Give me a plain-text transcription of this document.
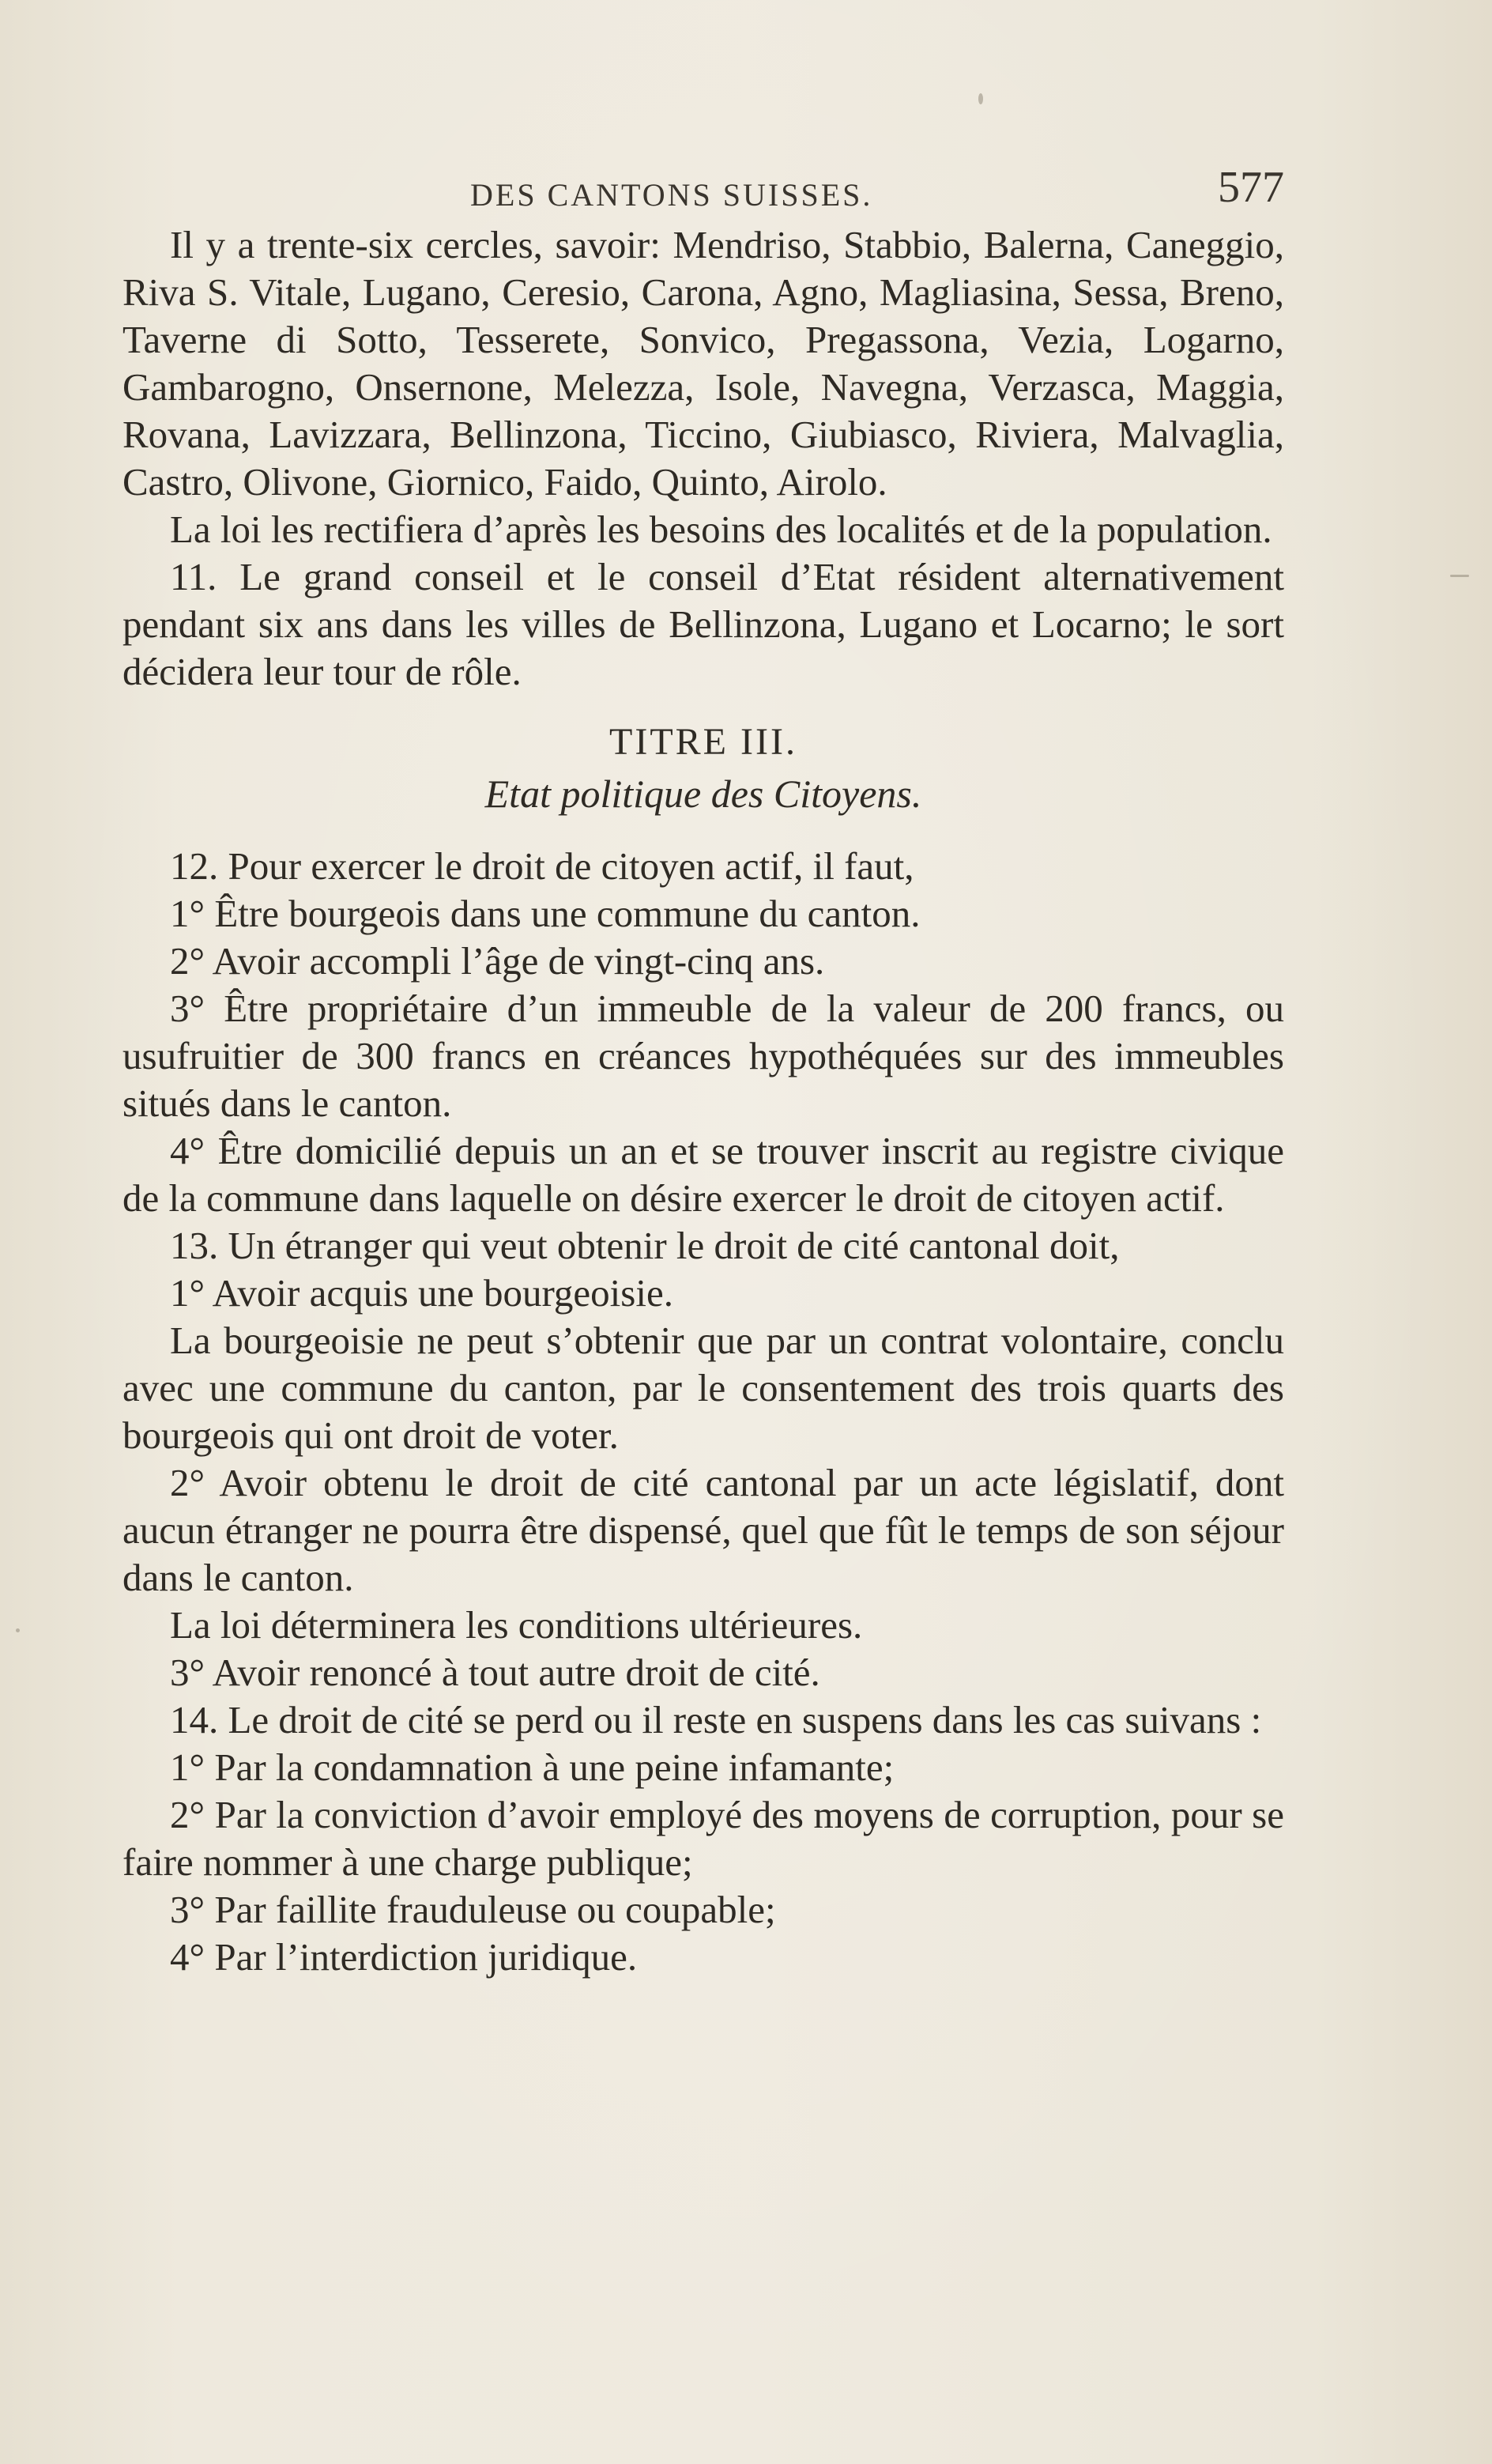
DES CANTONS SUISSES.	577

Il y a trente-six cercles, savoir: Mendriso, Stabbio, Balerna, Caneggio, Riva S. Vitale, Lugano, Ceresio, Carona, Agno, Magliasina, Sessa, Breno, Taverne di Sotto, Tesserete, Sonvico, Pregassona, Vezia, Logarno, Gambarogno, Onsernone, Melezza, Isole, Navegna, Verzasca, Maggia, Rovana, Lavizzara, Bellinzona, Ticcino, Giubiasco, Riviera, Malvaglia, Castro, Olivone, Giornico, Faido, Quinto, Airolo.

La loi les rectifiera d’après les besoins des localités et de la population.

11. Le grand conseil et le conseil d’Etat résident alternativement pendant six ans dans les villes de Bellinzona, Lugano et Locarno; le sort décidera leur tour de rôle.

TITRE III.

Etat politique des Citoyens.

12. Pour exercer le droit de citoyen actif, il faut,

1° Être bourgeois dans une commune du canton.

2° Avoir accompli l’âge de vingt-cinq ans.

3° Être propriétaire d’un immeuble de la valeur de 200 francs, ou usufruitier de 300 francs en créances hypothéquées sur des immeubles situés dans le canton.

4° Être domicilié depuis un an et se trouver inscrit au registre civique de la commune dans laquelle on désire exercer le droit de citoyen actif.

13. Un étranger qui veut obtenir le droit de cité cantonal doit,

1° Avoir acquis une bourgeoisie.

La bourgeoisie ne peut s’obtenir que par un contrat volontaire, conclu avec une commune du canton, par le consentement des trois quarts des bourgeois qui ont droit de voter.

2° Avoir obtenu le droit de cité cantonal par un acte législatif, dont aucun étranger ne pourra être dispensé, quel que fût le temps de son séjour dans le canton.

La loi déterminera les conditions ultérieures.

3° Avoir renoncé à tout autre droit de cité.

14. Le droit de cité se perd ou il reste en suspens dans les cas suivans :

1° Par la condamnation à une peine infamante;

2° Par la conviction d’avoir employé des moyens de corruption, pour se faire nommer à une charge publique;

3° Par faillite frauduleuse ou coupable;

4° Par l’interdiction juridique.
